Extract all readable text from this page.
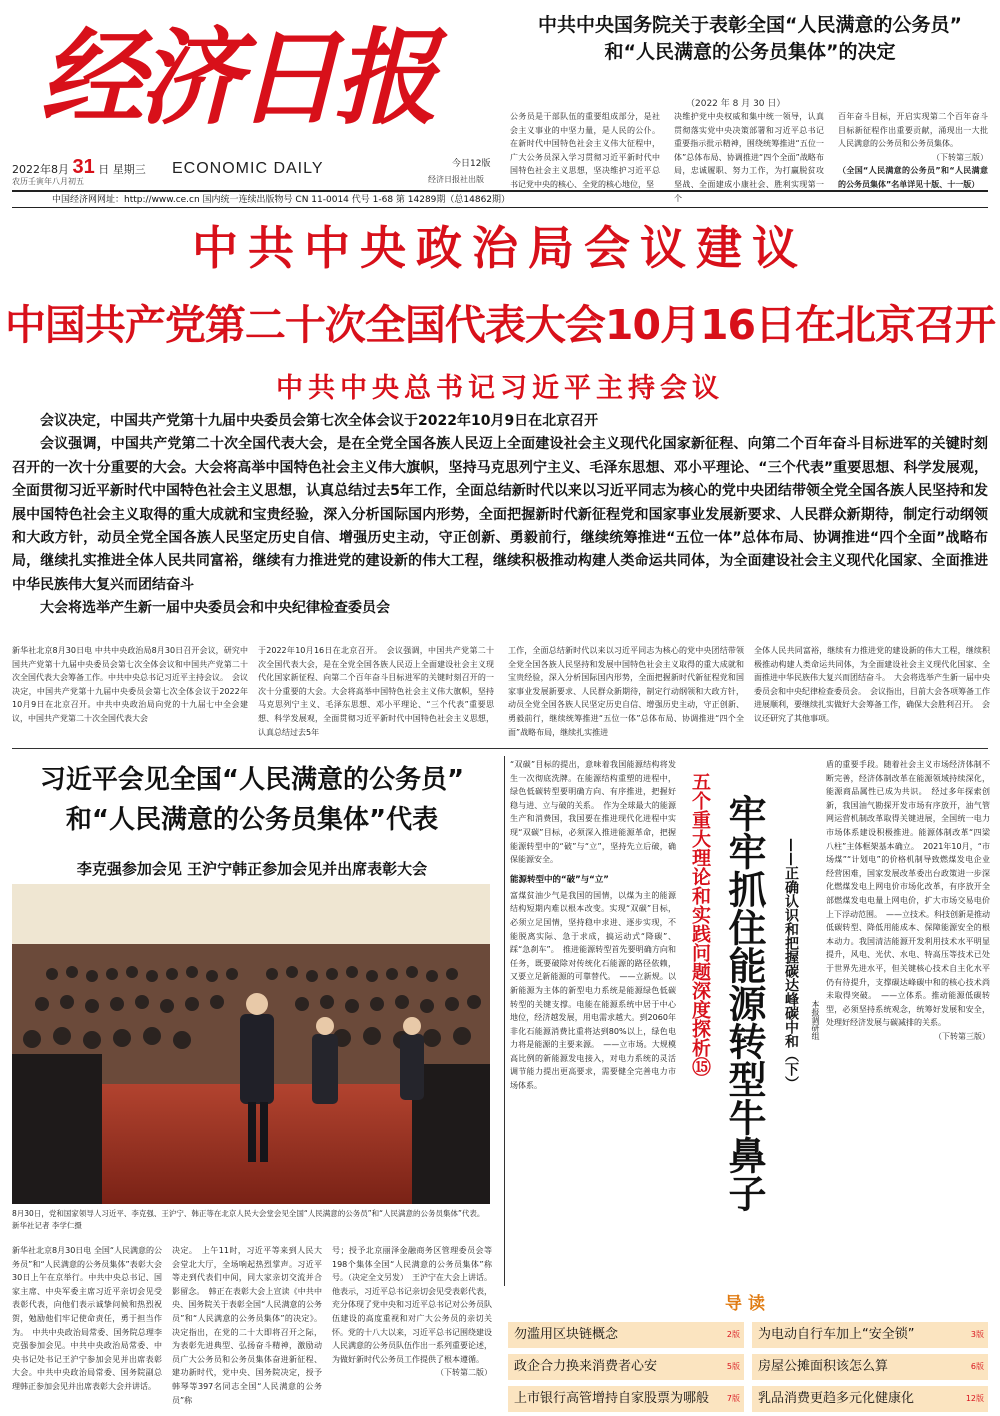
经济日报
ECONOMIC DAILY
2022年8月 31 日 星期三
农历壬寅年八月初五
今日12版
经济日报社出版
中国经济网网址：http://www.ce.cn 国内统一连续出版物号 CN 11-0014 代号 1-68 第 14289期（总14862期）
中共中央国务院关于表彰全国“人民满意的公务员”
和“人民满意的公务员集体”的决定
（2022 年 8 月 30 日）
公务员是干部队伍的重要组成部分，是社会主义事业的中坚力量，是人民的公仆。在新时代中国特色社会主义伟大征程中，广大公务员深入学习贯彻习近平新时代中国特色社会主义思想，坚决维护习近平总书记党中央的核心、全党的核心地位，坚
决维护党中央权威和集中统一领导，认真贯彻落实党中央决策部署和习近平总书记重要指示批示精神，围绕统筹推进“五位一体”总体布局、协调推进“四个全面”战略布局，忠诚履职、努力工作，为打赢脱贫攻坚战、全面建成小康社会、胜利实现第一个
百年奋斗目标，开启实现第二个百年奋斗目标新征程作出重要贡献，涌现出一大批人民满意的公务员和公务员集体。
（下转第三版）
（全国“人民满意的公务员”和“人民满意的公务员集体”名单详见十版、十一版）
中共中央政治局会议建议
中国共产党第二十次全国代表大会10月16日在北京召开
中共中央总书记习近平主持会议

会议决定，中国共产党第十九届中央委员会第七次全体会议于2022年10月9日在北京召开

会议强调，中国共产党第二十次全国代表大会，是在全党全国各族人民迈上全面建设社会主义现代化国家新征程、向第二个百年奋斗目标进军的关键时刻召开的一次十分重要的大会。大会将高举中国特色社会主义伟大旗帜，坚持马克思列宁主义、毛泽东思想、邓小平理论、“三个代表”重要思想、科学发展观，全面贯彻习近平新时代中国特色社会主义思想，认真总结过去5年工作，全面总结新时代以来以习近平同志为核心的党中央团结带领全党全国各族人民坚持和发展中国特色社会主义取得的重大成就和宝贵经验，深入分析国际国内形势，全面把握新时代新征程党和国家事业发展新要求、人民群众新期待，制定行动纲领和大政方针，动员全党全国各族人民坚定历史自信、增强历史主动，守正创新、勇毅前行，继续统筹推进“五位一体”总体布局、协调推进“四个全面”战略布局，继续扎实推进全体人民共同富裕，继续有力推进党的建设新的伟大工程，继续积极推动构建人类命运共同体，为全面建设社会主义现代化国家、全面推进中华民族伟大复兴而团结奋斗

大会将选举产生新一届中央委员会和中央纪律检查委员会

新华社北京8月30日电 中共中央政治局8月30日召开会议，研究中国共产党第十九届中央委员会第七次全体会议和中国共产党第二十次全国代表大会筹备工作。中共中央总书记习近平主持会议。　会议决定，中国共产党第十九届中央委员会第七次全体会议于2022年10月9日在北京召开。中共中央政治局向党的十九届七中全会建议，中国共产党第二十次全国代表大会
于2022年10月16日在北京召开。　会议强调，中国共产党第二十次全国代表大会，是在全党全国各族人民迈上全面建设社会主义现代化国家新征程、向第二个百年奋斗目标进军的关键时刻召开的一次十分重要的大会。大会将高举中国特色社会主义伟大旗帜，坚持马克思列宁主义、毛泽东思想、邓小平理论、“三个代表”重要思想、科学发展观，全面贯彻习近平新时代中国特色社会主义思想，认真总结过去5年
工作，全面总结新时代以来以习近平同志为核心的党中央团结带领全党全国各族人民坚持和发展中国特色社会主义取得的重大成就和宝贵经验，深入分析国际国内形势，全面把握新时代新征程党和国家事业发展新要求、人民群众新期待，制定行动纲领和大政方针，动员全党全国各族人民坚定历史自信、增强历史主动，守正创新、勇毅前行，继续统筹推进“五位一体”总体布局、协调推进“四个全面”战略布局，继续扎实推进
全体人民共同富裕，继续有力推进党的建设新的伟大工程，继续积极推动构建人类命运共同体，为全面建设社会主义现代化国家、全面推进中华民族伟大复兴而团结奋斗。　大会将选举产生新一届中央委员会和中央纪律检查委员会。　会议指出，目前大会各项筹备工作进展顺利，要继续扎实做好大会筹备工作，确保大会胜利召开。　会议还研究了其他事项。
习近平会见全国“人民满意的公务员”
和“人民满意的公务员集体”代表
李克强参加会见 王沪宁韩正参加会见并出席表彰大会
8月30日，党和国家领导人习近平、李克强、王沪宁、韩正等在北京人民大会堂会见全国“人民满意的公务员”和“人民满意的公务员集体”代表。 新华社记者 李学仁摄
新华社北京8月30日电 全国“人民满意的公务员”和“人民满意的公务员集体”表彰大会30日上午在京举行。中共中央总书记、国家主席、中央军委主席习近平亲切会见受表彰代表，向他们表示诚挚问候和热烈祝贺，勉励他们牢记使命责任，勇于担当作为。　中共中央政治局常委、国务院总理李克强参加会见。中共中央政治局常委、中央书记处书记王沪宁参加会见并出席表彰大会。中共中央政治局常委、国务院副总理韩正参加会见并出席表彰大会并讲话。
决定。　上午11时，习近平等来到人民大会堂北大厅，全场响起热烈掌声。习近平等走到代表们中间，同大家亲切交流并合影留念。　韩正在表彰大会上宣读《中共中央、国务院关于表彰全国“人民满意的公务员”和“人民满意的公务员集体”的决定》。决定指出，在党的二十大即将召开之际，为表彰先进典型、弘扬奋斗精神，激励动员广大公务员和公务员集体奋进新征程、建功新时代，党中央、国务院决定，授予韩琴等397名同志全国“人民满意的公务员”称
号；授予北京丽泽金融商务区管理委员会等198个集体全国“人民满意的公务员集体”称号。（决定全文另发）　王沪宁在大会上讲话。他表示，习近平总书记亲切会见受表彰代表，充分体现了党中央和习近平总书记对公务员队伍建设的高度重视和对广大公务员的亲切关怀。党的十八大以来，习近平总书记围绕建设人民满意的公务员队伍作出一系列重要论述，为做好新时代公务员工作提供了根本遵循。
（下转第二版）
“双碳”目标的提出，意味着我国能源结构将发生一次彻底洗牌。在能源结构重塑的进程中，绿色低碳转型要明确方向、有序推进，把握好稳与进、立与破的关系。　作为全球最大的能源生产和消费国，我国要在推进现代化进程中实现“双碳”目标，必须深入推进能源革命，把握能源转型中的“破”与“立”，坚持先立后破，确保能源安全。
能源转型中的“破”与“立”
富煤贫油少气是我国的国情，以煤为主的能源结构短期内难以根本改变。实现“双碳”目标，必须立足国情，坚持稳中求进、逐步实现，不能脱离实际、急于求成，搞运动式“降碳”、踩“急刹车”。　推进能源转型首先要明确方向和任务，既要破除对传统化石能源的路径依赖，又要立足新能源的可靠替代。　——立新规。以新能源为主体的新型电力系统是能源绿色低碳转型的关键支撑。电能在能源系统中居于中心地位，经济越发展，用电需求越大。到2060年非化石能源消费比重将达到80%以上，绿色电力将是能源的主要来源。　——立市场。大规模高比例的新能源发电接入，对电力系统的灵活调节能力提出更高要求，需要健全完善电力市场体系。
五个重大理论和实践问题深度探析⑮ 牢牢抓住能源转型牛鼻子	——正确认识和把握碳达峰碳中和（下）	本报调研组
盾的重要手段。随着社会主义市场经济体制不断完善，经济体制改革在能源领域持续深化，能源商品属性已成为共识。　经过多年探索创新，我国油气勘探开发市场有序放开，油气管网运营机制改革取得关键进展，全国统一电力市场体系建设积极推进。能源体制改革“四梁八柱”主体框架基本确立。　2021年10月，“市场煤”“计划电”的价格机制导致燃煤发电企业经营困难，国家发展改革委出台政策进一步深化燃煤发电上网电价市场化改革，有序放开全部燃煤发电电量上网电价，扩大市场交易电价上下浮动范围。　——立技术。科技创新是推动低碳转型、降低用能成本、保障能源安全的根本动力。我国清洁能源开发利用技术水平明显提升，风电、光伏、水电、特高压等技术已处于世界先进水平，但关键核心技术自主化水平仍有待提升，支撑碳达峰碳中和的核心技术尚未取得突破。　——立体系。推动能源低碳转型，必须坚持系统观念，统筹好发展和安全，处理好经济发展与碳减排的关系。
（下转第三版）
导读
勿滥用区块链概念	2版	为电动自行车加上“安全锁”	3版
政企合力换来消费者心安	5版	房屋公摊面积该怎么算	6版
上市银行高管增持自家股票为哪般 7版	乳品消费更趋多元化健康化	12版
